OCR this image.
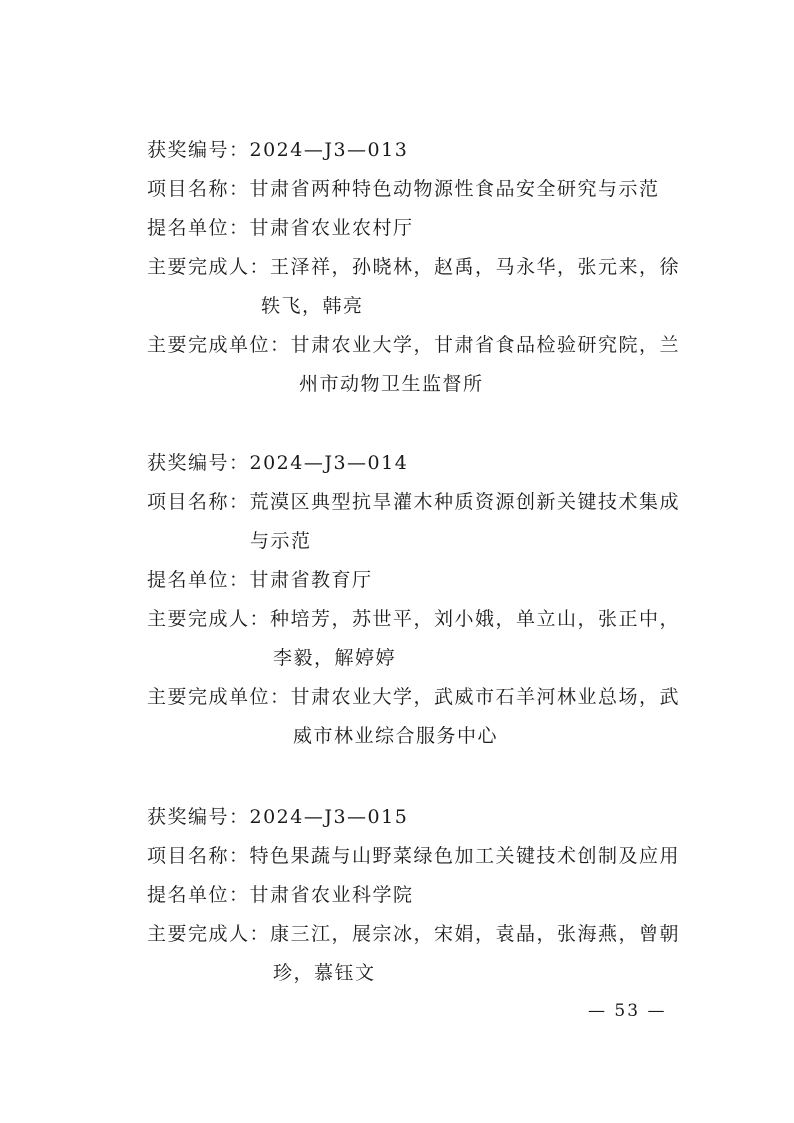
获奖编号：2024—J3—013
项目名称：甘肃省两种特色动物源性食品安全研究与示范
提名单位：甘肃省农业农村厅
主要完成人：王泽祥，孙晓林，赵禹，马永华，张元来，徐
轶飞，韩亮
主要完成单位：甘肃农业大学，甘肃省食品检验研究院，兰
州市动物卫生监督所
获奖编号：2024—J3—014
项目名称：荒漠区典型抗旱灌木种质资源创新关键技术集成
与示范
提名单位：甘肃省教育厅
主要完成人：种培芳，苏世平，刘小娥，单立山，张正中，
李毅，解婷婷
主要完成单位：甘肃农业大学，武威市石羊河林业总场，武
威市林业综合服务中心
获奖编号：2024—J3—015
项目名称：特色果蔬与山野菜绿色加工关键技术创制及应用
提名单位：甘肃省农业科学院
主要完成人：康三江，展宗冰，宋娟，袁晶，张海燕，曾朝
珍，慕钰文
— 53 —
